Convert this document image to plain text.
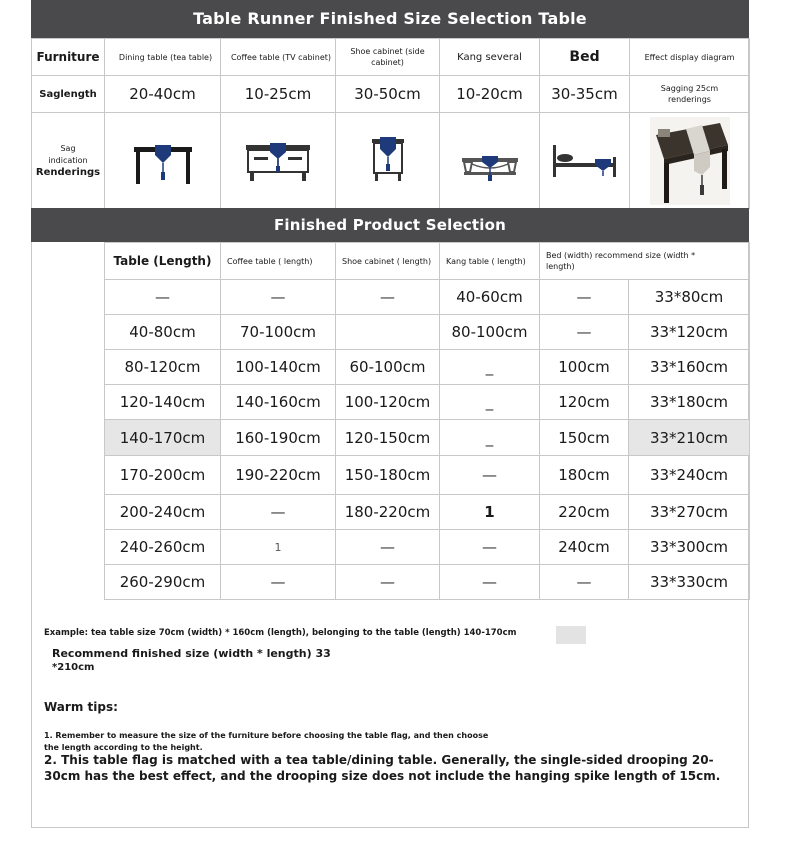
Table Runner Finished Size Selection Table
Furniture	Dining table (tea table)	Coffee table (TV cabinet)	Shoe cabinet (side cabinet)	Kang several	Bed	Effect display diagram
Saglength	20-40cm	10-25cm	30-50cm	10-20cm	30-35cm	Sagging 25cm renderings

Sag indication
Renderings

Finished Product Selection
Table (Length)	Coffee table ( length)	Shoe cabinet ( length)	Kang table ( length)	Bed (width) recommend size (width * length)	
—	—	—	40-60cm	—	33*80cm
40-80cm	70-100cm		80-100cm	—	33*120cm
80-120cm	100-140cm	60-100cm	_	100cm	33*160cm
120-140cm	140-160cm	100-120cm	_	120cm	33*180cm
140-170cm	160-190cm	120-150cm	_	150cm	33*210cm
170-200cm	190-220cm	150-180cm	—	180cm	33*240cm
200-240cm	—	180-220cm	1	220cm	33*270cm
240-260cm	1	—	—	240cm	33*300cm
260-290cm	—	—	—	—	33*330cm
Example: tea table size 70cm (width) * 160cm (length), belonging to the table (length) 140-170cm
Recommend finished size (width * length) 33
*210cm
Warm tips:
1. Remember to measure the size of the furniture before choosing the table flag, and then choose the length according to the height.
2. This table flag is matched with a tea table/dining table. Generally, the single-sided drooping 20-30cm has the best effect, and the drooping size does not include the hanging spike length of 15cm.
